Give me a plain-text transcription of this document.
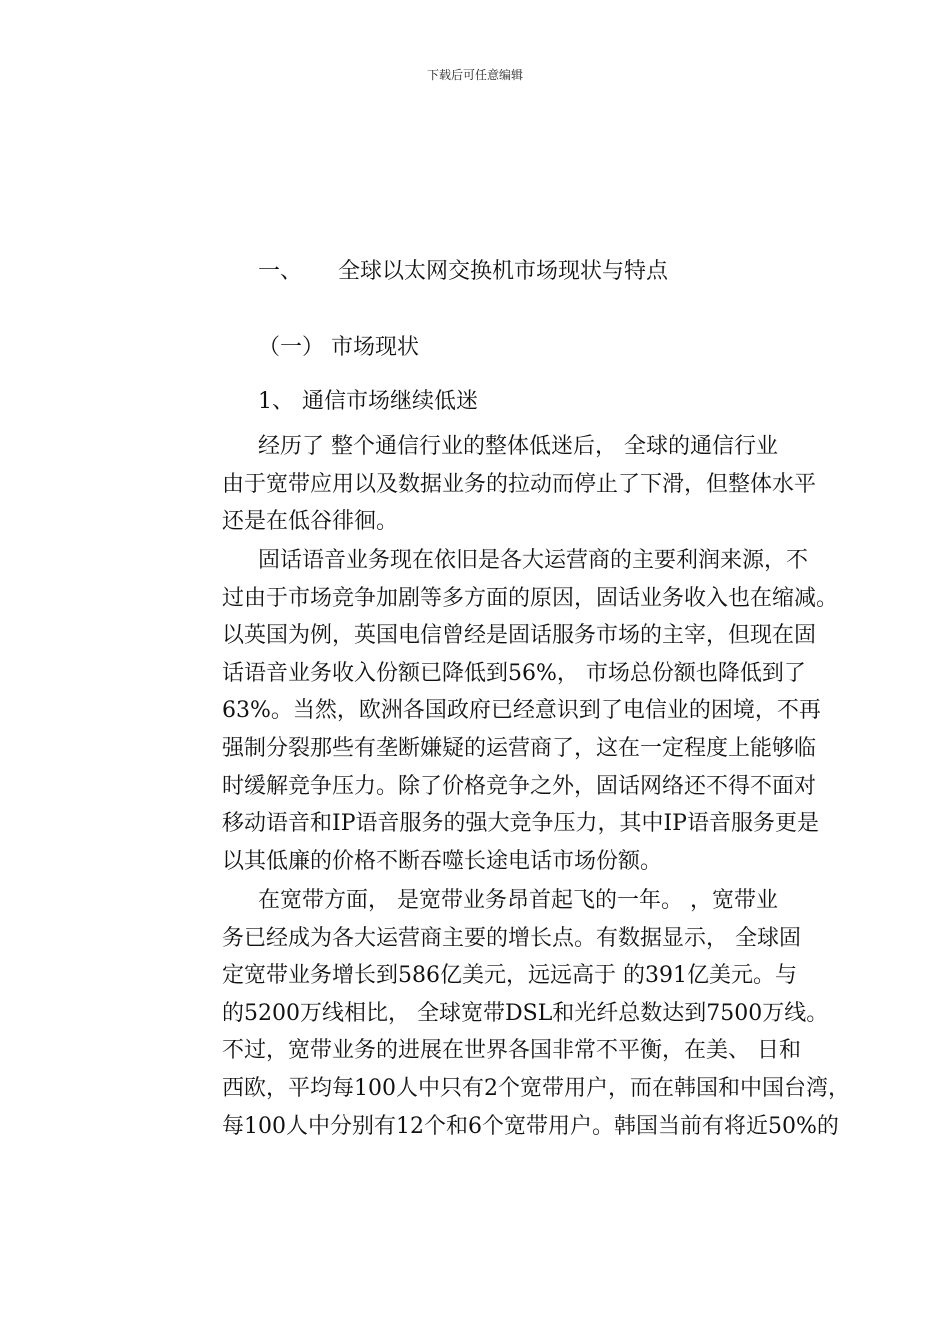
下载后可任意编辑
一、 全球以太网交换机市场现状与特点
（一） 市场现状
1、 通信市场继续低迷
经历了 整个通信行业的整体低迷后， 全球的通信行业
由于宽带应用以及数据业务的拉动而停止了下滑，但整体水平
还是在低谷徘徊。
固话语音业务现在依旧是各大运营商的主要利润来源，不
过由于市场竞争加剧等多方面的原因，固话业务收入也在缩减。
以英国为例，英国电信曾经是固话服务市场的主宰，但现在固
话语音业务收入份额已降低到56%， 市场总份额也降低到了
63%。当然，欧洲各国政府已经意识到了电信业的困境，不再
强制分裂那些有垄断嫌疑的运营商了，这在一定程度上能够临
时缓解竞争压力。除了价格竞争之外，固话网络还不得不面对
移动语音和IP语音服务的强大竞争压力，其中IP语音服务更是
以其低廉的价格不断吞噬长途电话市场份额。
在宽带方面， 是宽带业务昂首起飞的一年。 ，宽带业
务已经成为各大运营商主要的增长点。有数据显示， 全球固
定宽带业务增长到586亿美元，远远高于 的391亿美元。与
的5200万线相比， 全球宽带DSL和光纤总数达到7500万线。
不过，宽带业务的进展在世界各国非常不平衡，在美、 日和
西欧，平均每100人中只有2个宽带用户，而在韩国和中国台湾，
每100人中分别有12个和6个宽带用户。韩国当前有将近50%的
